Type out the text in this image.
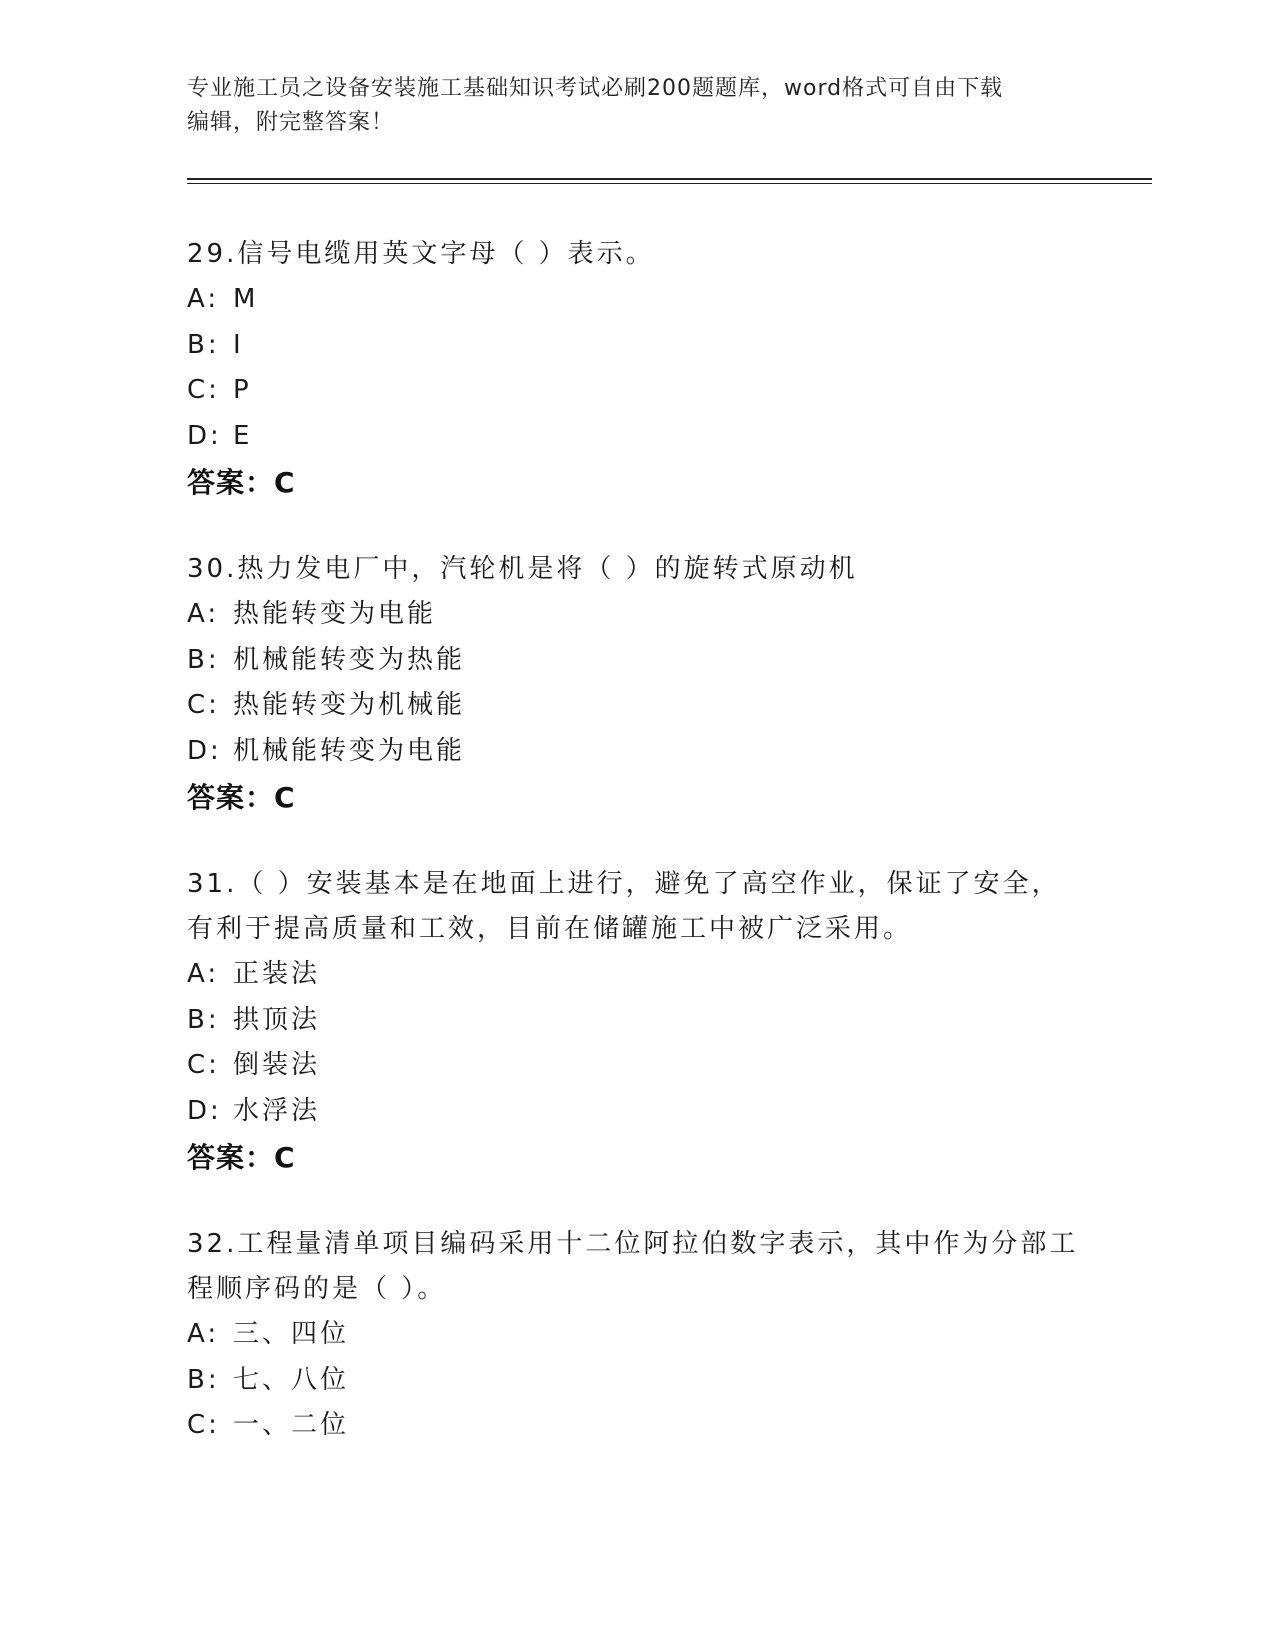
专业施工员之设备安装施工基础知识考试必刷200题题库，word格式可自由下载
编辑，附完整答案！
29.信号电缆用英文字母（ ）表示。
A: M
B: I
C: P
D: E
答案：C
30.热力发电厂中，汽轮机是将（ ）的旋转式原动机
A: 热能转变为电能
B: 机械能转变为热能
C: 热能转变为机械能
D: 机械能转变为电能
答案：C
31.（ ）安装基本是在地面上进行，避免了高空作业，保证了安全，
有利于提高质量和工效，目前在储罐施工中被广泛采用。
A: 正装法
B: 拱顶法
C: 倒装法
D: 水浮法
答案：C
32.工程量清单项目编码采用十二位阿拉伯数字表示，其中作为分部工
程顺序码的是（ ）。
A: 三、四位
B: 七、八位
C: 一、二位
